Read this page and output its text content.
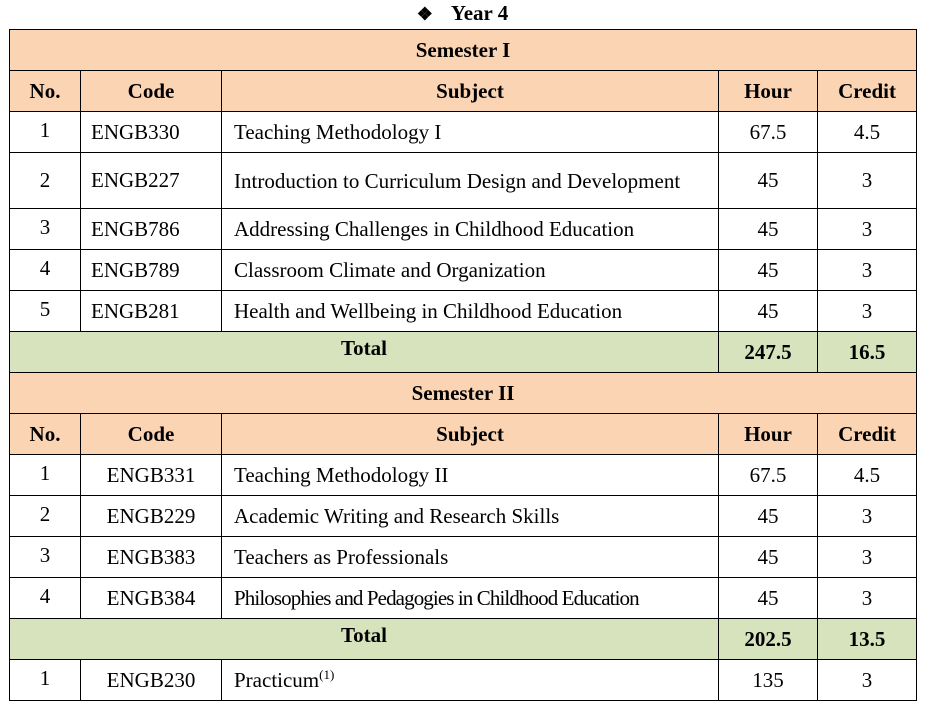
❖ Year 4
Semester I				
No.	Code	Subject	Hour	Credit
1	ENGB330	Teaching Methodology I	67.5	4.5
2	ENGB227	Introduction to Curriculum Design and Development	45	3
3	ENGB786	Addressing Challenges in Childhood Education	45	3
4	ENGB789	Classroom Climate and Organization	45	3
5	ENGB281	Health and Wellbeing in Childhood Education	45	3
Total			247.5	16.5
Semester II				
No.	Code	Subject	Hour	Credit
1	ENGB331	Teaching Methodology II	67.5	4.5
2	ENGB229	Academic Writing and Research Skills	45	3
3	ENGB383	Teachers as Professionals	45	3
4	ENGB384	Philosophies and Pedagogies in Childhood Education	45	3
Total			202.5	13.5
1	ENGB230	Practicum$^{(1)}$	135	3
